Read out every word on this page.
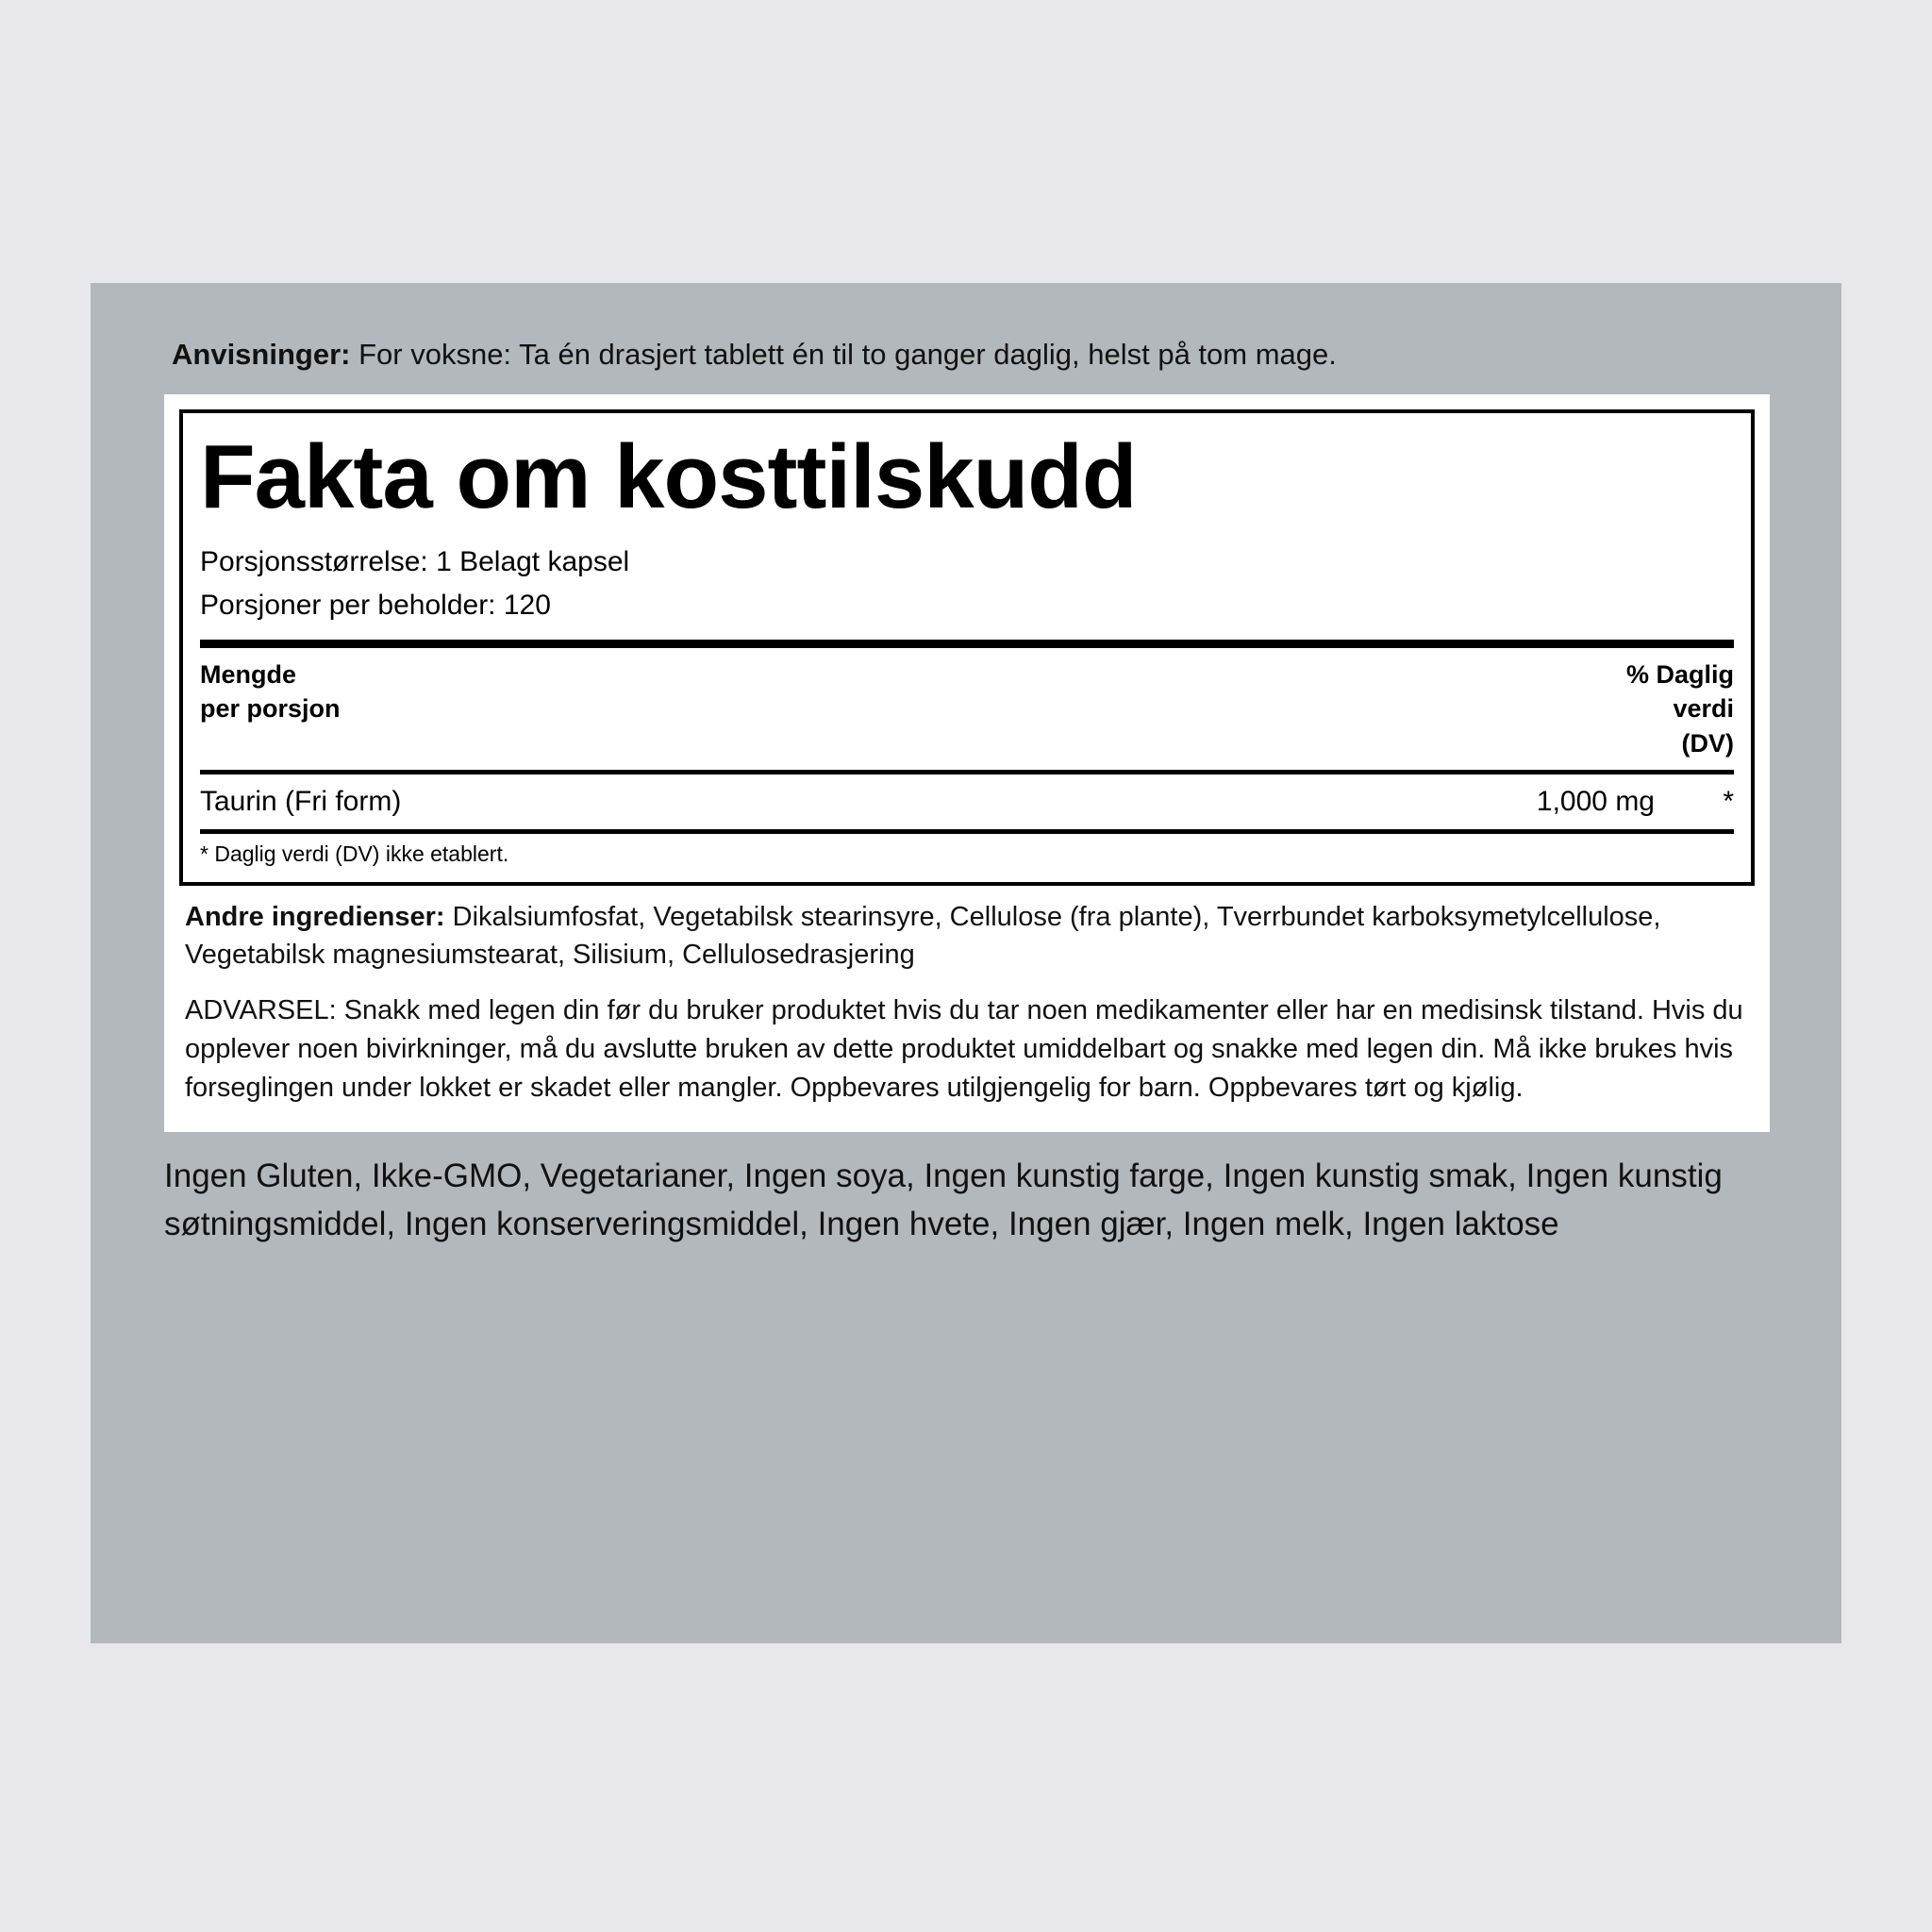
Anvisninger: For voksne: Ta én drasjert tablett én til to ganger daglig, helst på tom mage.
Fakta om kosttilskudd
Porsjonsstørrelse: 1 Belagt kapsel
Porsjoner per beholder: 120
Mengde
per porsjon
% Daglig
verdi
(DV)
Taurin (Fri form)	1,000 mg	*
* Daglig verdi (DV) ikke etablert.
Andre ingredienser: Dikalsiumfosfat, Vegetabilsk stearinsyre, Cellulose (fra plante), Tverrbundet karboksymetylcellulose, Vegetabilsk magnesiumstearat, Silisium, Cellulosedrasjering
ADVARSEL: Snakk med legen din før du bruker produktet hvis du tar noen medikamenter eller har en medisinsk tilstand. Hvis du opplever noen bivirkninger, må du avslutte bruken av dette produktet umiddelbart og snakke med legen din. Må ikke brukes hvis forseglingen under lokket er skadet eller mangler. Oppbevares utilgjengelig for barn. Oppbevares tørt og kjølig.
Ingen Gluten, Ikke-GMO, Vegetarianer, Ingen soya, Ingen kunstig farge, Ingen kunstig smak, Ingen kunstig søtningsmiddel, Ingen konserveringsmiddel, Ingen hvete, Ingen gjær, Ingen melk, Ingen laktose
